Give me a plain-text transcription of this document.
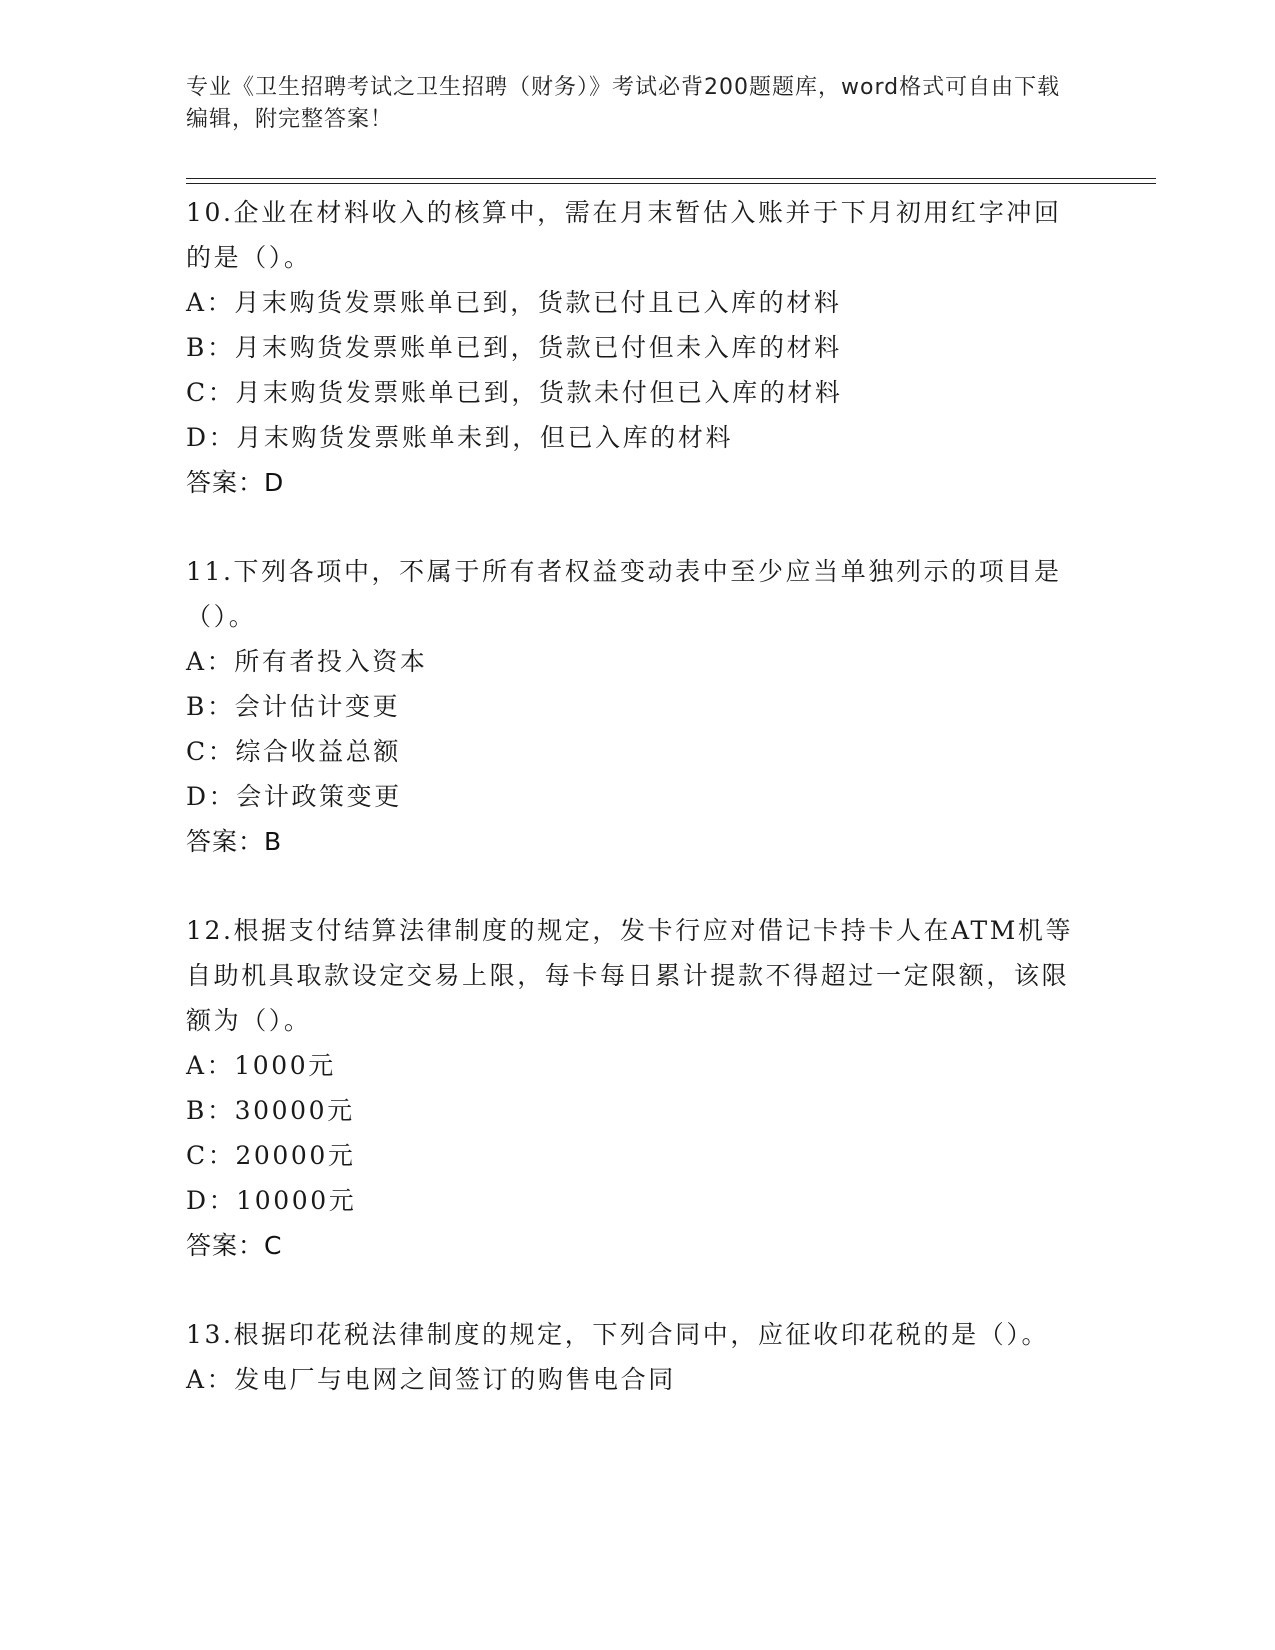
专业《卫生招聘考试之卫生招聘（财务）》考试必背200题题库，word格式可自由下载编辑，附完整答案！
10.企业在材料收入的核算中，需在月末暂估入账并于下月初用红字冲回的是（）。
A：月末购货发票账单已到，货款已付且已入库的材料
B：月末购货发票账单已到，货款已付但未入库的材料
C：月末购货发票账单已到，货款未付但已入库的材料
D：月末购货发票账单未到，但已入库的材料
答案：D
11.下列各项中，不属于所有者权益变动表中至少应当单独列示的项目是（）。
A：所有者投入资本
B：会计估计变更
C：综合收益总额
D：会计政策变更
答案：B
12.根据支付结算法律制度的规定，发卡行应对借记卡持卡人在ATM机等自助机具取款设定交易上限，每卡每日累计提款不得超过一定限额，该限额为（）。
A：1000元
B：30000元
C：20000元
D：10000元
答案：C
13.根据印花税法律制度的规定，下列合同中，应征收印花税的是（）。
A：发电厂与电网之间签订的购售电合同
